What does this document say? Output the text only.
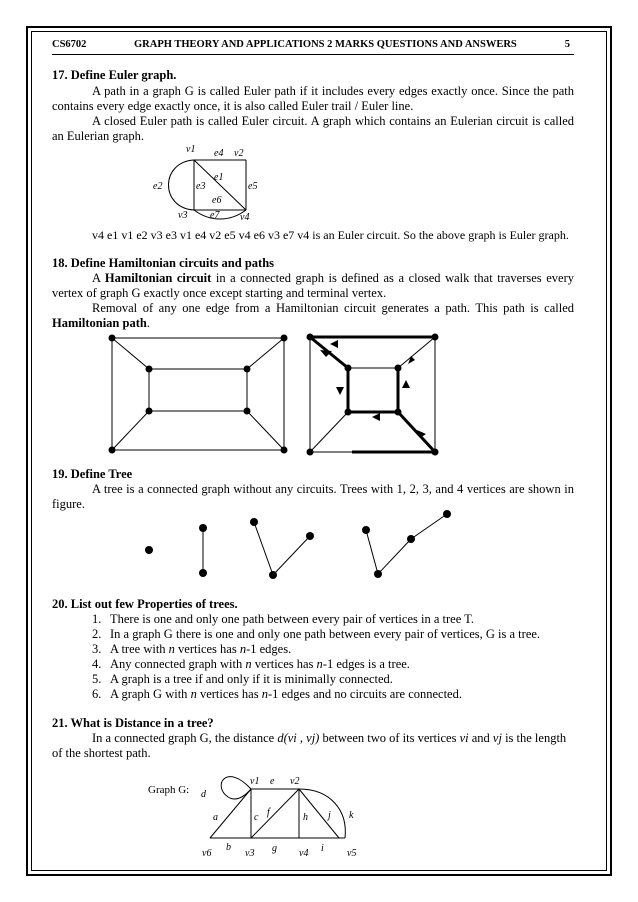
CS6702	GRAPH THEORY AND APPLICATIONS 2 MARKS QUESTIONS AND ANSWERS	5
17. Define Euler graph.
A path in a graph G is called Euler path if it includes every edges exactly once. Since the path
contains every edge exactly once, it is also called Euler trail / Euler line.
A closed Euler path is called Euler circuit. A graph which contains an Eulerian circuit is called
an Eulerian graph.
v4 e1 v1 e2 v3 e3 v1 e4 v2 e5 v4 e6 v3 e7 v4 is an Euler circuit. So the above graph is Euler graph.
18. Define Hamiltonian circuits and paths
A Hamiltonian circuit in a connected graph is defined as a closed walk that traverses every
vertex of graph G exactly once except starting and terminal vertex.
Removal of any one edge from a Hamiltonian circuit generates a path. This path is called
Hamiltonian path.
19. Define Tree
A tree is a connected graph without any circuits. Trees with 1, 2, 3, and 4 vertices are shown in
figure.
20. List out few Properties of trees.
1. There is one and only one path between every pair of vertices in a tree T.
2. In a graph G there is one and only one path between every pair of vertices, G is a tree.
3. A tree with n vertices has n-1 edges.
4. Any connected graph with n vertices has n-1 edges is a tree.
5. A graph is a tree if and only if it is minimally connected.
6. A graph G with n vertices has n-1 edges and no circuits are connected.
21. What is Distance in a tree?
In a connected graph G, the distance d(vi , vj) between two of its vertices vi and vj is the length
of the shortest path.
Graph G:
v1 e4 v2
e1
e2	e3	e5
e6
v3 e7 v4
d
v1 e v2
a	c f	h j k
v6
b
v3 g v4 i v5
